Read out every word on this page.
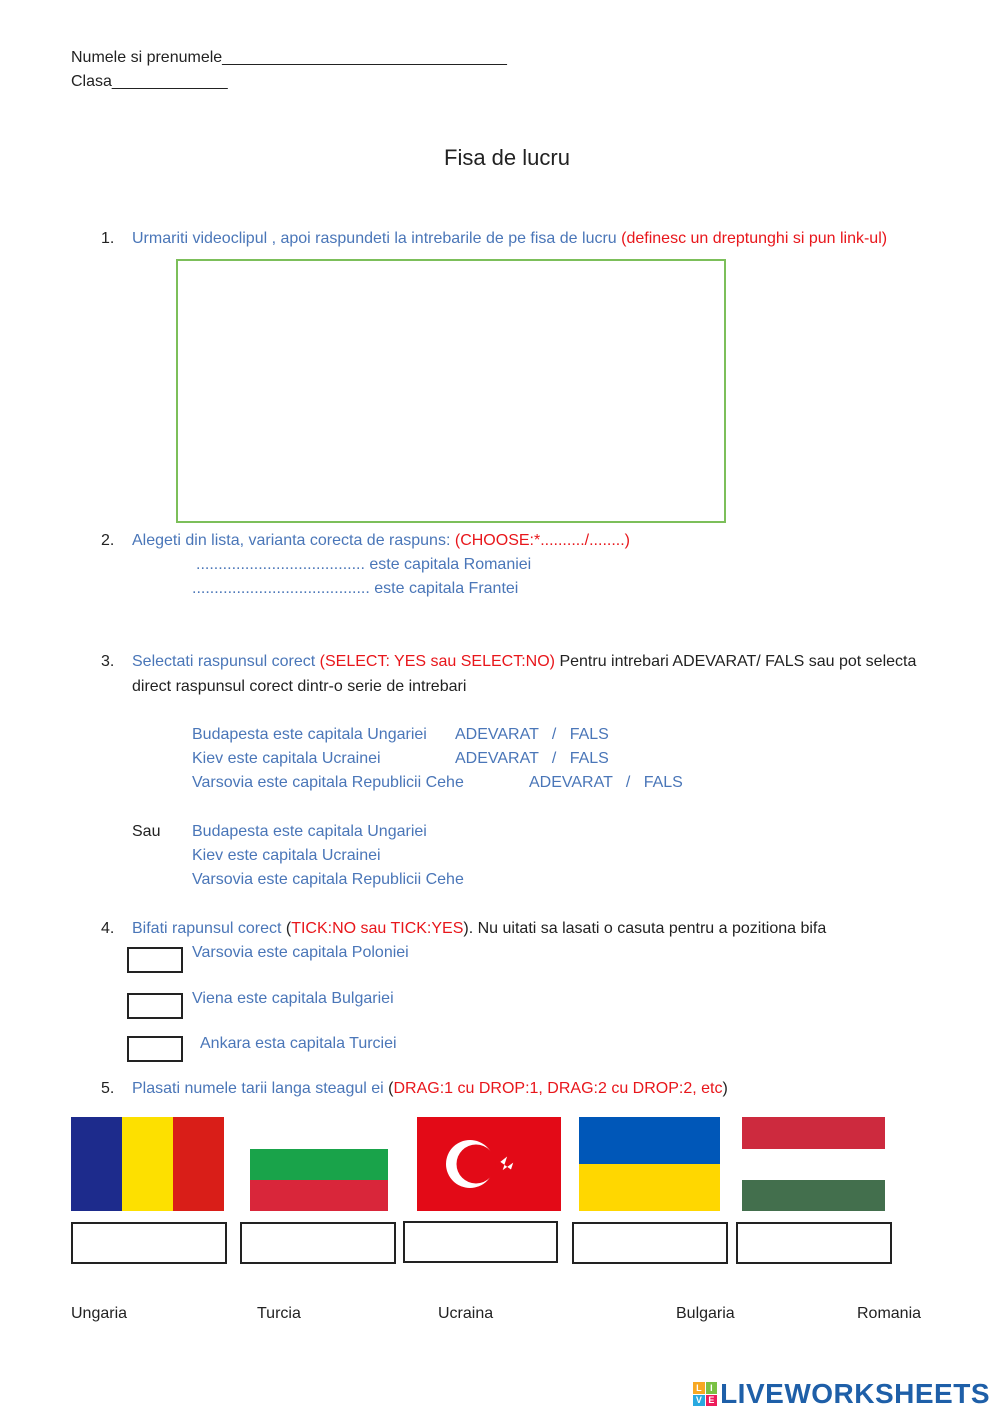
Numele si prenumele________________________________
Clasa_____________
Fisa de lucru
1. Urmariti videoclipul , apoi raspundeti la intrebarile de pe fisa de lucru (definesc un dreptunghi si pun link-ul)
2. Alegeti din lista, varianta corecta de raspuns: (CHOOSE:*........../........)
...................................... este capitala Romaniei
........................................ este capitala Frantei
3. Selectati raspunsul corect (SELECT: YES sau SELECT:NO) Pentru intrebari ADEVARAT/ FALS sau pot selecta
direct raspunsul corect dintr-o serie de intrebari
Budapesta este capitala Ungariei ADEVARAT   /   FALS
Kiev este capitala Ucrainei	ADEVARAT   /   FALS
Varsovia este capitala Republicii Cehe	ADEVARAT   /   FALS
Sau Budapesta este capitala Ungariei
Kiev este capitala Ucrainei
Varsovia este capitala Republicii Cehe
4. Bifati rapunsul corect (TICK:NO sau TICK:YES). Nu uitati sa lasati o casuta pentru a pozitiona bifa
Varsovia este capitala Poloniei
Viena este capitala Bulgariei
Ankara esta capitala Turciei
5. Plasati numele tarii langa steagul ei (DRAG:1 cu DROP:1, DRAG:2 cu DROP:2, etc)
Ungaria	Turcia	Ucraina	Bulgaria	Romania
L I
V E LIVEWORKSHEETS
